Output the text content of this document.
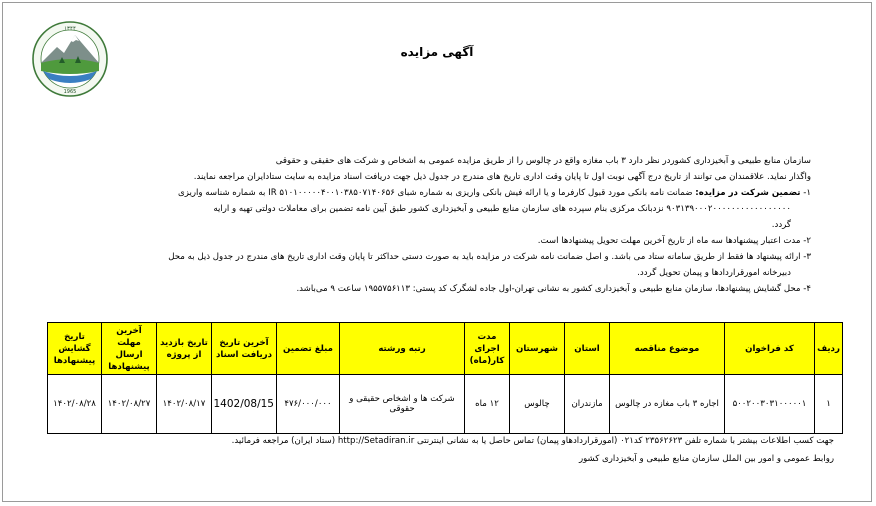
۱۳۴۴
1965
آگهی مزایده

سازمان منابع طبیعی و آبخیزداری کشوردر نظر دارد ۳ باب مغازه واقع در چالوس را از طریق مزایده عمومی به اشخاص و شرکت های حقیقی و حقوقی

واگذار نماید. علاقمندان می توانند از تاریخ درج آگهی نوبت اول تا پایان وقت اداری تاریخ های مندرج در جدول ذیل جهت دریافت اسناد مزایده به سایت ستادایران مراجعه نمایند.

۱- تضمین شرکت در مزایده: ضمانت نامه بانکی مورد قبول کارفرما و یا ارائه فیش بانکی واریزی به شماره شبای IR ۵۱۰۱۰۰۰۰۰۴۰۰۱۰۳۸۵۰۷۱۴۰۶۵۶ به شماره شناسه واریزی

۹۰۳۱۳۹۰۰۰۲۰۰۰۰۰۰۰۰۰۰۰۰۰۰۰۰۰ نزدبانک مرکزی بنام سپرده های سازمان منابع طبیعی و آبخیزداری کشور طبق آیین نامه تضمین برای معاملات دولتی تهیه و ارایه

گردد.

۲- مدت اعتبار پیشنهادها سه ماه از تاریخ آخرین مهلت تحویل پیشنهادها است.

۳- ارائه پیشنهاد ها فقط از طریق سامانه ستاد می باشد. و اصل ضمانت نامه شرکت در مزایده باید به صورت دستی حداکثر تا پایان وقت اداری تاریخ های مندرج در جدول ذیل به محل

دبیرخانه امورقراردادها و پیمان تحویل گردد.

۴- محل گشایش پیشنهادها، سازمان منابع طبیعی و آبخیزداری کشور به نشانی تهران-اول جاده لشگرک کد پستی: ۱۹۵۵۷۵۶۱۱۳ ساعت ۹ می‌باشد.

ردیف	کد فراخوان	موضوع مناقصه	استان	شهرستان	مدت اجرای کار(ماه)	رتبه ورشته	مبلغ تضمین	آخرین تاریخ دریافت اسناد	تاریخ بازدید از پروژه	آخرین مهلت ارسال پیشنهادها	تاریخ گشایش پیشنهادها
۱	۵۰۰۲۰۰۳۰۳۱۰۰۰۰۰۱	اجاره ۳ باب مغازه در چالوس	مازندران	چالوس	۱۲ ماه	شرکت ها و اشخاص حقیقی و حقوقی	۴۷۶/۰۰۰/۰۰۰	1402/08/15	۱۴۰۲/۰۸/۱۷	۱۴۰۲/۰۸/۲۷	۱۴۰۲/۰۸/۲۸
جهت کسب اطلاعات بیشتر با شماره تلفن ۲۳۵۶۲۶۲۳ کد۰۲۱ (امورقراردادهاو پیمان) تماس حاصل یا به نشانی اینترنتی http://Setadiran.ir (ستاد ایران) مراجعه فرمائید.
روابط عمومی و امور بین الملل سازمان منابع طبیعی و آبخیزداری کشور
